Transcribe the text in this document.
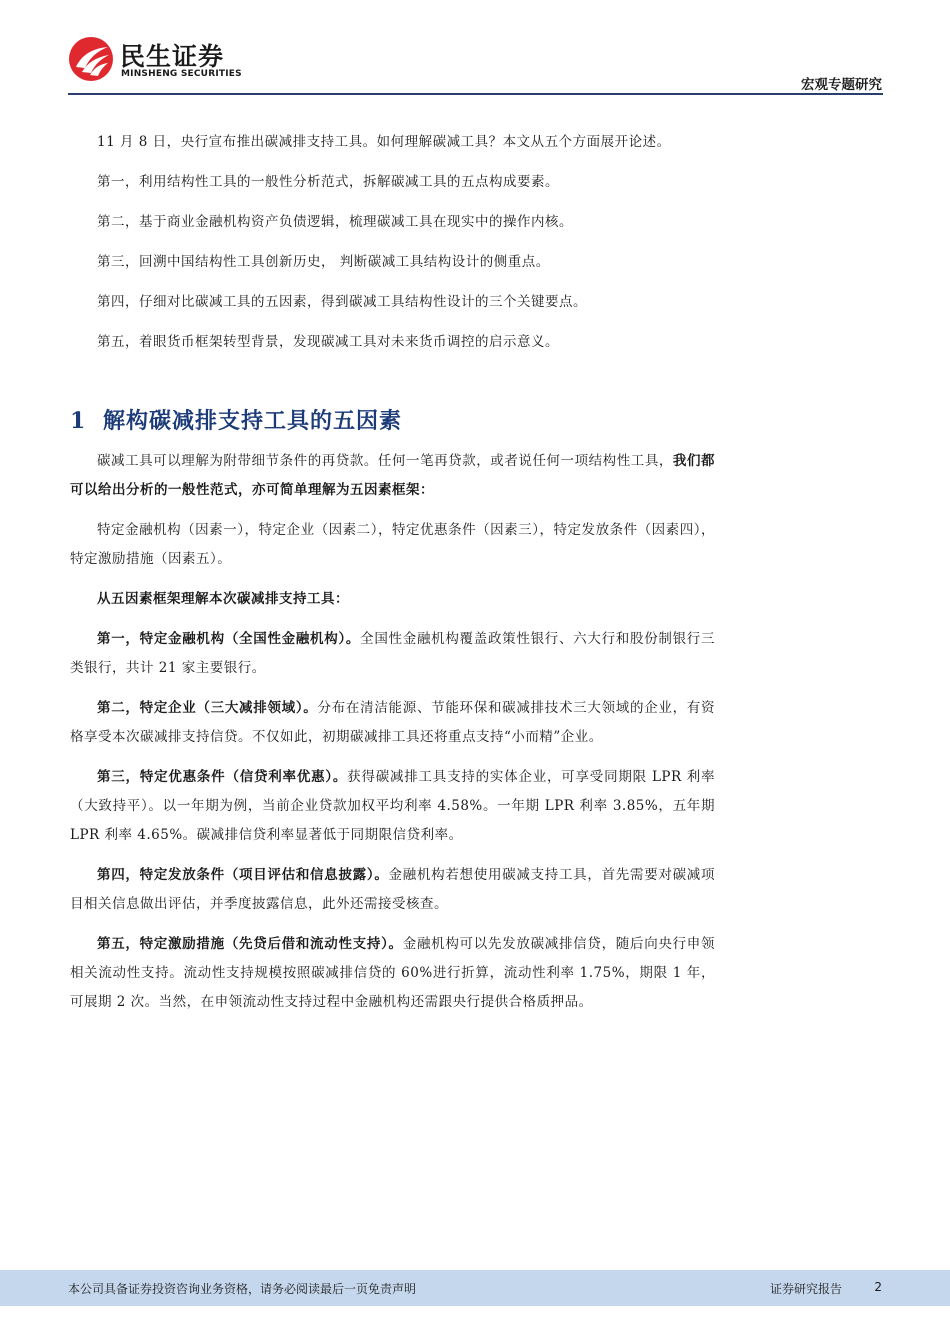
民生证券
MINSHENG SECURITIES
宏观专题研究

11 月 8 日，央行宣布推出碳减排支持工具。如何理解碳减工具？本文从五个方面展开论述。

第一，利用结构性工具的一般性分析范式，拆解碳减工具的五点构成要素。

第二，基于商业金融机构资产负债逻辑，梳理碳减工具在现实中的操作内核。

第三，回溯中国结构性工具创新历史， 判断碳减工具结构设计的侧重点。

第四，仔细对比碳减工具的五因素，得到碳减工具结构性设计的三个关键要点。

第五，着眼货币框架转型背景，发现碳减工具对未来货币调控的启示意义。

1 解构碳减排支持工具的五因素

碳减工具可以理解为附带细节条件的再贷款。任何一笔再贷款，或者说任何一项结构性工具，我们都可以给出分析的一般性范式，亦可简单理解为五因素框架：

特定金融机构（因素一），特定企业（因素二），特定优惠条件（因素三），特定发放条件（因素四），特定激励措施（因素五）。

从五因素框架理解本次碳减排支持工具：

第一，特定金融机构（全国性金融机构）。全国性金融机构覆盖政策性银行、六大行和股份制银行三类银行，共计 21 家主要银行。

第二，特定企业（三大减排领域）。分布在清洁能源、节能环保和碳减排技术三大领域的企业，有资格享受本次碳减排支持信贷。不仅如此，初期碳减排工具还将重点支持“小而精”企业。

第三，特定优惠条件（信贷利率优惠）。获得碳减排工具支持的实体企业，可享受同期限 LPR 利率（大致持平）。以一年期为例，当前企业贷款加权平均利率 4.58%。一年期 LPR 利率 3.85%，五年期 LPR 利率 4.65%。碳减排信贷利率显著低于同期限信贷利率。

第四，特定发放条件（项目评估和信息披露）。金融机构若想使用碳减支持工具，首先需要对碳减项目相关信息做出评估，并季度披露信息，此外还需接受核查。

第五，特定激励措施（先贷后借和流动性支持）。金融机构可以先发放碳减排信贷，随后向央行申领相关流动性支持。流动性支持规模按照碳减排信贷的 60%进行折算，流动性利率 1.75%，期限 1 年，可展期 2 次。当然，在申领流动性支持过程中金融机构还需跟央行提供合格质押品。

本公司具备证券投资咨询业务资格，请务必阅读最后一页免责声明	证券研究报告	2
